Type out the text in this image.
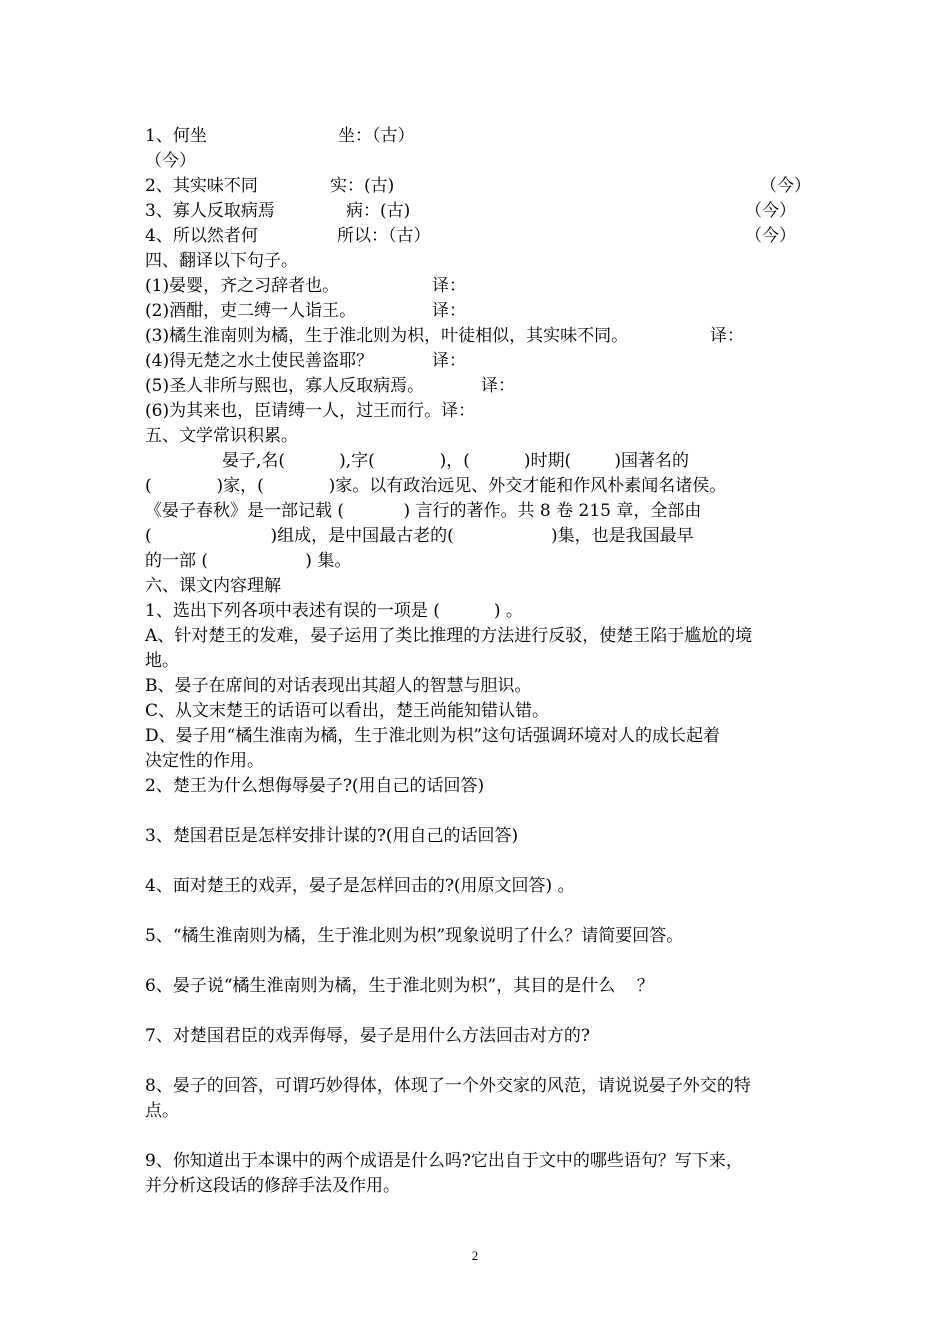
1、何坐	坐：（古）
（今）
2、其实味不同	实：(古)	（今）
3、寡人反取病焉	病：(古)	（今）
4、所以然者何	所以：（古）	（今）
四、翻译以下句子。
(1)晏婴，齐之习辞者也。	译：
(2)酒酣，吏二缚一人诣王。	译：
(3)橘生淮南则为橘，生于淮北则为枳，叶徒相似，其实味不同。	译：
(4)得无楚之水土使民善盗耶？	译：
(5)圣人非所与熙也，寡人反取病焉。	译：
(6)为其来也，臣请缚一人，过王而行。译：
五、文学常识积累。
晏子,名(          ),字(            )，(          )时期(        )国著名的
(            )家，(            )家。以有政治远见、外交才能和作风朴素闻名诸侯。
《晏子春秋》是一部记载 (           ) 言行的著作。共 8 卷 215 章，全部由
(                      )组成，是中国最古老的(                  )集，也是我国最早
的一部 (                  ) 集。
六、课文内容理解
1、选出下列各项中表述有误的一项是 (          ) 。
A、针对楚王的发难，晏子运用了类比推理的方法进行反驳，使楚王陷于尴尬的境
地。
B、晏子在席间的对话表现出其超人的智慧与胆识。
C、从文末楚王的话语可以看出，楚王尚能知错认错。
D、晏子用“橘生淮南为橘，生于淮北则为枳”这句话强调环境对人的成长起着
决定性的作用。
2、楚王为什么想侮辱晏子?(用自己的话回答)
3、楚国君臣是怎样安排计谋的?(用自己的话回答)
4、面对楚王的戏弄，晏子是怎样回击的?(用原文回答) 。
5、“橘生淮南则为橘，生于淮北则为枳”现象说明了什么？请简要回答。
6、晏子说“橘生淮南则为橘，生于淮北则为枳”，其目的是什么    ？
7、对楚国君臣的戏弄侮辱，晏子是用什么方法回击对方的?
8、晏子的回答，可谓巧妙得体，体现了一个外交家的风范，请说说晏子外交的特
点。
9、你知道出于本课中的两个成语是什么吗?它出自于文中的哪些语句？写下来，
并分析这段话的修辞手法及作用。
2
